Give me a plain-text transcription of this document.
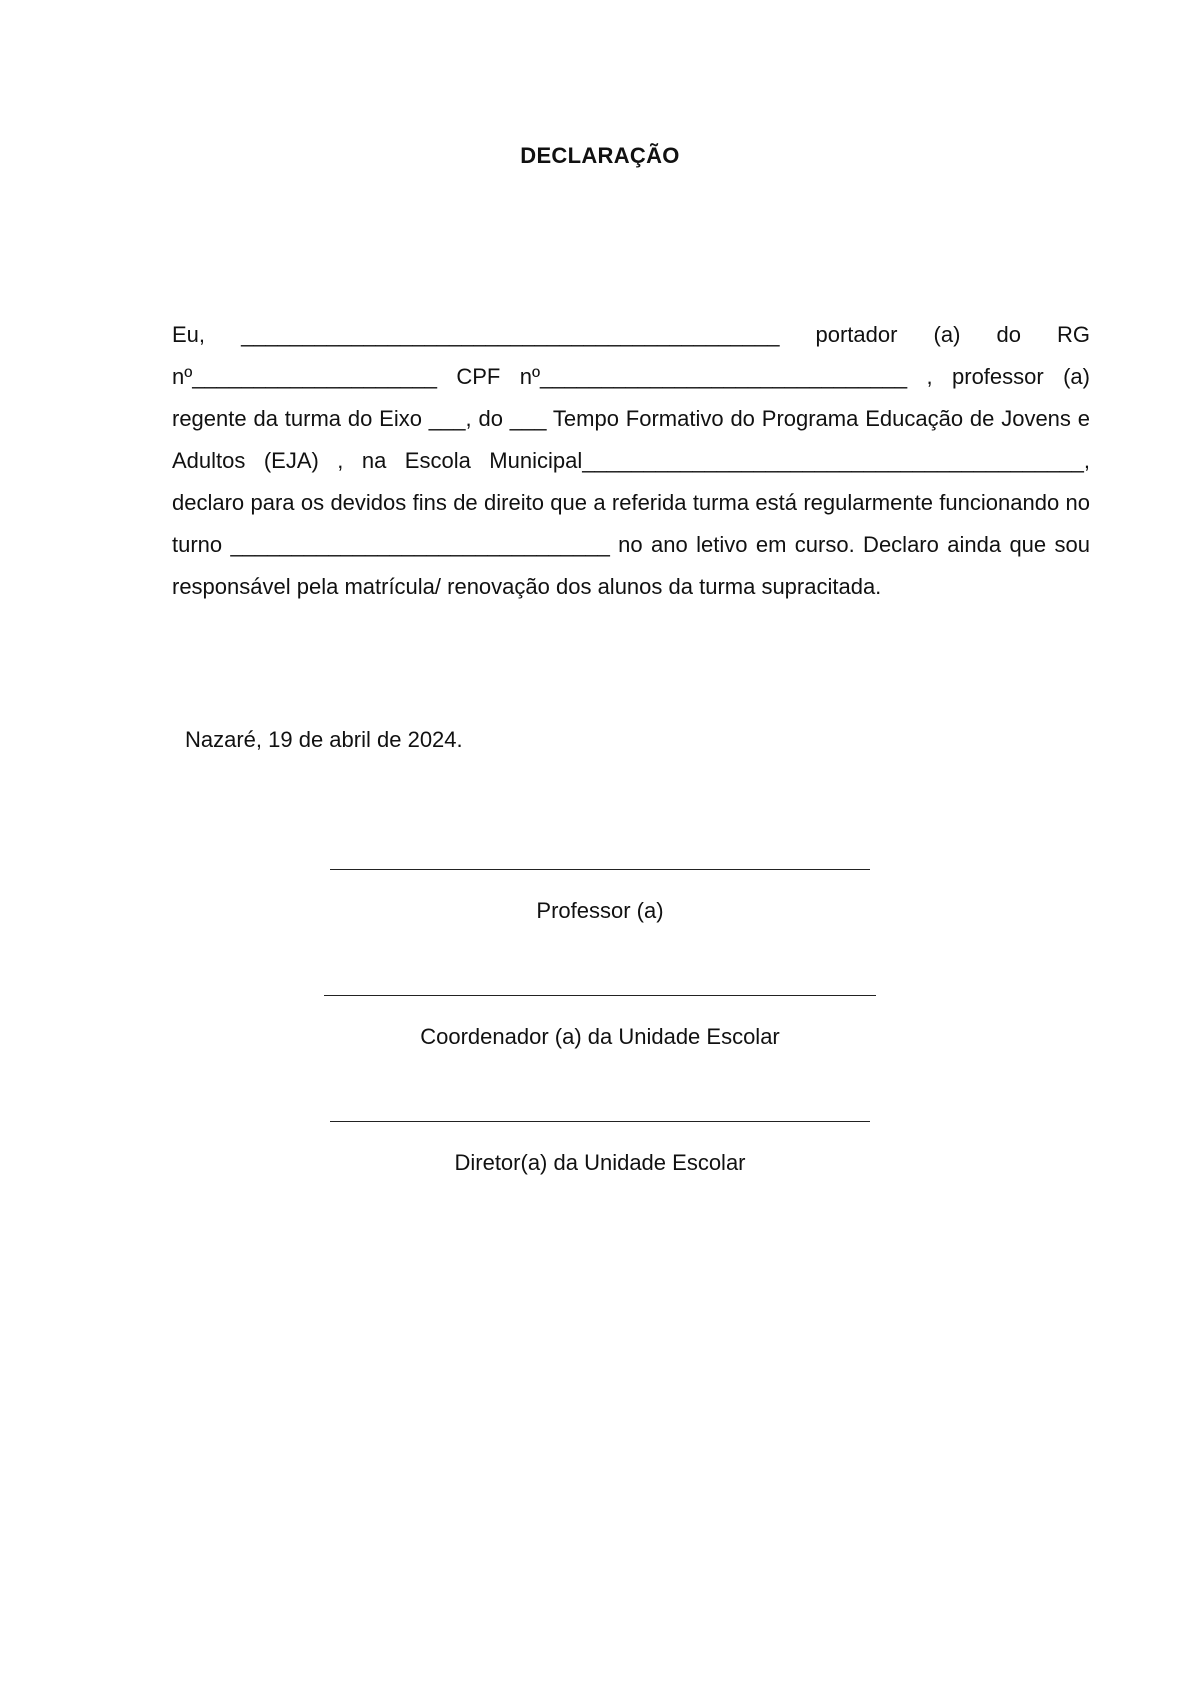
DECLARAÇÃO
Eu, ____________________________________________ portador (a) do RG nº____________________ CPF nº______________________________ , professor (a) regente da turma do Eixo ___, do ___ Tempo Formativo do Programa Educação de Jovens e Adultos (EJA) , na Escola Municipal_________________________________________, declaro para os devidos fins de direito que a referida turma está regularmente funcionando no turno _______________________________ no ano letivo em curso. Declaro ainda que sou responsável pela matrícula/ renovação dos alunos da turma supracitada.
Nazaré, 19 de abril de 2024.
Professor (a)
Coordenador (a) da Unidade Escolar
Diretor(a) da Unidade Escolar
